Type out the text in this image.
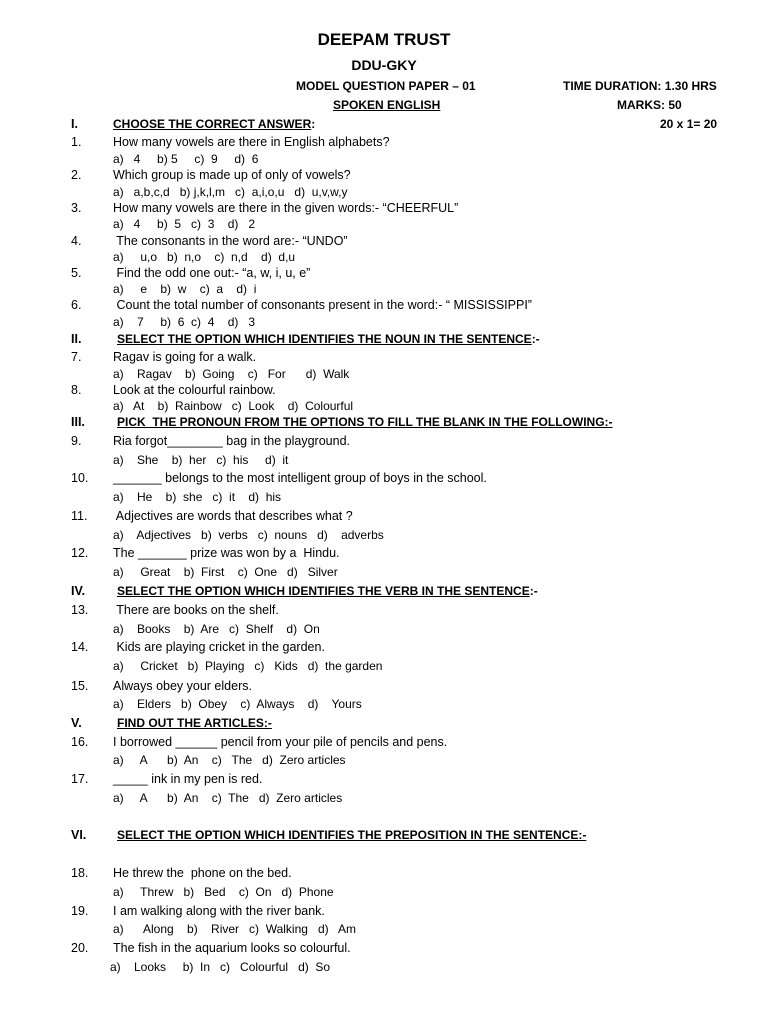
DEEPAM TRUST
DDU-GKY
MODEL QUESTION PAPER – 01	TIME DURATION: 1.30 HRS
SPOKEN ENGLISH	MARKS: 50
I.	CHOOSE THE CORRECT ANSWER:	20 x 1= 20
1.	How many vowels are there in English alphabets?
a)   4     b) 5     c)  9     d)  6
2.	Which group is made up of only of vowels?
a)   a,b,c,d   b) j,k,l,m   c)  a,i,o,u   d)  u,v,w,y
3.	How many vowels are there in the given words:- “CHEERFUL”
a)   4     b)  5   c)  3    d)   2
4.	The consonants in the word are:- “UNDO”
a)     u,o   b)  n,o    c)  n,d    d)  d,u
5.	Find the odd one out:- “a, w, i, u, e”
a)     e    b)  w    c)  a    d)  i
6.	Count the total number of consonants present in the word:- “ MISSISSIPPI”
a)    7     b)  6  c)  4    d)   3
II.	SELECT THE OPTION WHICH IDENTIFIES THE NOUN IN THE SENTENCE:-
7.	Ragav is going for a walk.
a)    Ragav    b)  Going    c)   For      d)  Walk
8.	Look at the colourful rainbow.
a)   At    b)  Rainbow   c)  Look    d)  Colourful
III.	PICK  THE PRONOUN FROM THE OPTIONS TO FILL THE BLANK IN THE FOLLOWING:-
9.	Ria forgot________ bag in the playground.
a)    She    b)  her   c)  his     d)  it
10. _______ belongs to the most intelligent group of boys in the school.
a)    He    b)  she   c)  it    d)  his
11. Adjectives are words that describes what ?
a)    Adjectives   b)  verbs   c)  nouns   d)    adverbs
12. The _______ prize was won by a  Hindu.
a)     Great    b)  First    c)  One   d)   Silver
IV.	SELECT THE OPTION WHICH IDENTIFIES THE VERB IN THE SENTENCE:-
13. There are books on the shelf.
a)    Books    b)  Are   c)  Shelf    d)  On
14. Kids are playing cricket in the garden.
a)     Cricket   b)  Playing   c)   Kids   d)  the garden
15. Always obey your elders.
a)    Elders   b)  Obey    c)  Always    d)    Yours
V.	FIND OUT THE ARTICLES:-
16. I borrowed ______ pencil from your pile of pencils and pens.
a)     A      b)  An    c)   The   d)  Zero articles
17. _____ ink in my pen is red.
a)     A      b)  An    c)  The   d)  Zero articles
VI.	SELECT THE OPTION WHICH IDENTIFIES THE PREPOSITION IN THE SENTENCE:-
18. He threw the  phone on the bed.
a)     Threw   b)   Bed    c)  On   d)  Phone
19. I am walking along with the river bank.
a)      Along    b)    River   c)  Walking   d)   Am
20. The fish in the aquarium looks so colourful.
a)    Looks     b)  In   c)   Colourful   d)  So
